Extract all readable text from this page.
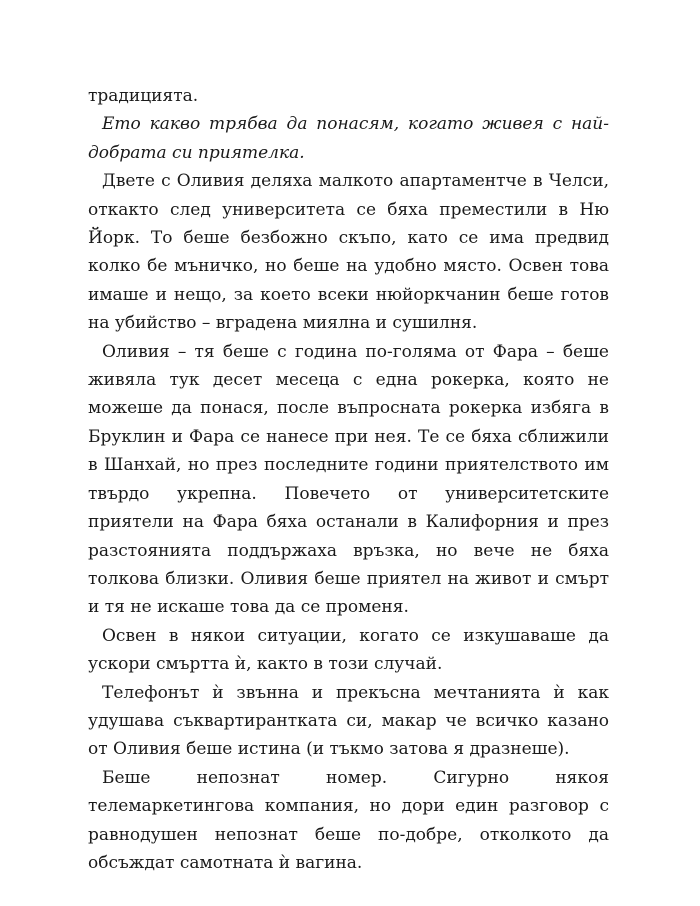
традицията.

Ето какво трябва да понасям, когато живея с най-добрата си приятелка.

Двете с Оливия деляха малкото апартаментче в Челси, откакто след университета се бяха преместили в Ню Йорк. То беше безбожно скъпо, като се има предвид колко бе мъничко, но беше на удобно място. Освен това имаше и нещо, за което всеки нюйоркчанин беше готов на убийство – вградена миялна и сушилня.

Оливия – тя беше с година по-голяма от Фара – беше живяла тук десет месеца с една рокерка, която не можеше да понася, после въпросната рокерка избяга в Бруклин и Фара се нанесе при нея. Те се бяха сближили в Шанхай, но през последните години приятелството им твърдо укрепна. Повечето от университетските приятели на Фара бяха останали в Калифорния и през разстоянията поддържаха връзка, но вече не бяха толкова близки. Оливия беше приятел на живот и смърт и тя не искаше това да се променя.

Освен в някои ситуации, когато се изкушаваше да ускори смъртта ѝ, както в този случай.

Телефонът ѝ звънна и прекъсна мечтанията ѝ как удушава съквартирантката си, макар че всичко казано от Оливия беше истина (и тъкмо затова я дразнеше).

Беше непознат номер. Сигурно някоя телемаркетингова компания, но дори един разговор с равнодушен непознат беше по-добре, отколкото да обсъждат самотната ѝ вагина.
